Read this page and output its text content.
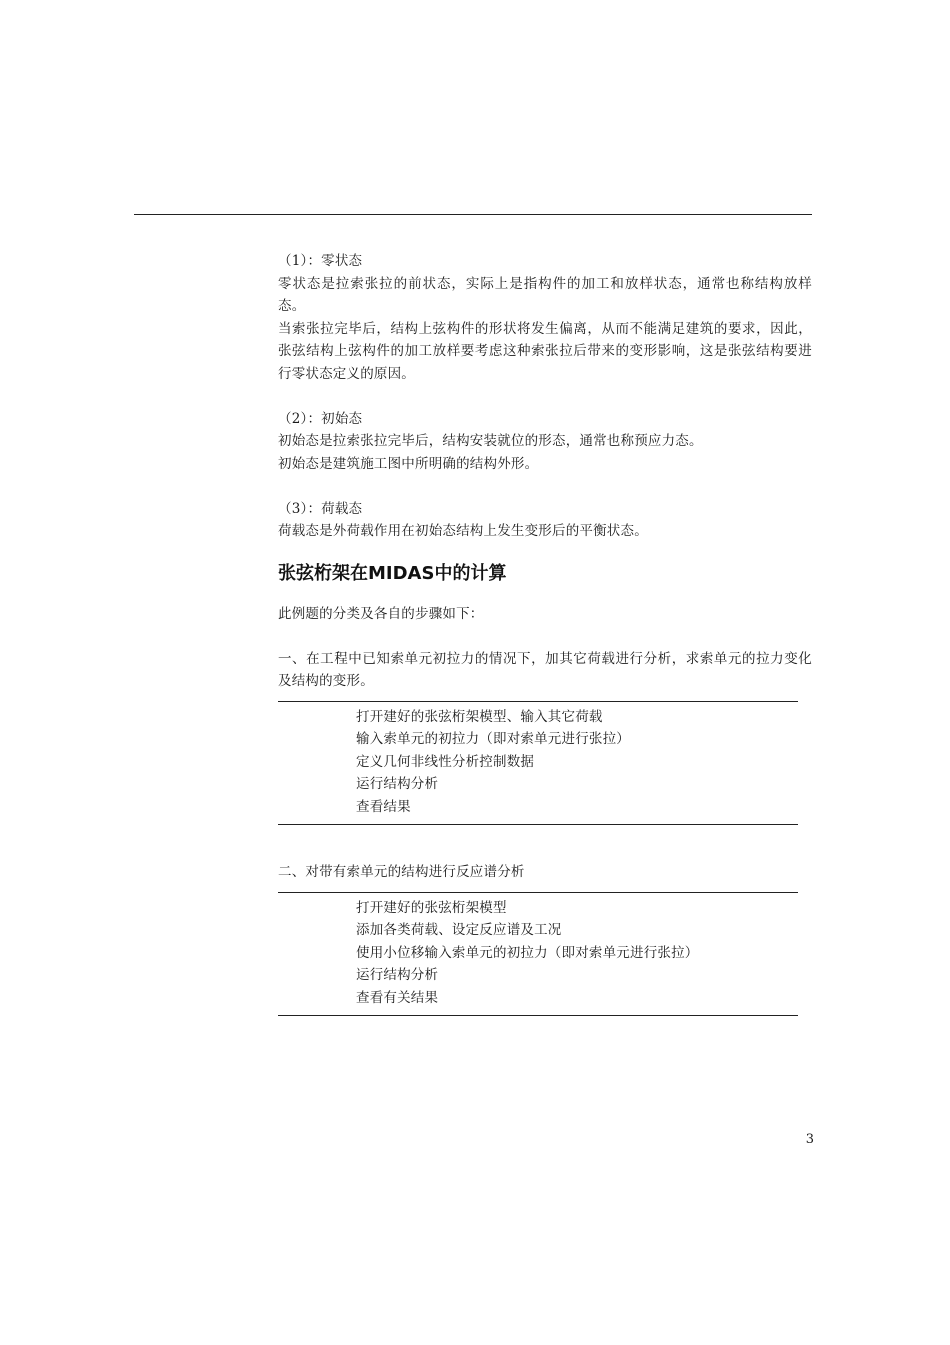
（1）：零状态

零状态是拉索张拉的前状态，实际上是指构件的加工和放样状态，通常也称结构放样态。

当索张拉完毕后，结构上弦构件的形状将发生偏离，从而不能满足建筑的要求，因此，张弦结构上弦构件的加工放样要考虑这种索张拉后带来的变形影响，这是张弦结构要进行零状态定义的原因。

（2）：初始态

初始态是拉索张拉完毕后，结构安装就位的形态，通常也称预应力态。

初始态是建筑施工图中所明确的结构外形。

（3）：荷载态

荷载态是外荷载作用在初始态结构上发生变形后的平衡状态。

张弦桁架在MIDAS中的计算

此例题的分类及各自的步骤如下：

一、在工程中已知索单元初拉力的情况下，加其它荷载进行分析，求索单元的拉力变化及结构的变形。

打开建好的张弦桁架模型、输入其它荷载
输入索单元的初拉力（即对索单元进行张拉）
定义几何非线性分析控制数据
运行结构分析
查看结果

二、对带有索单元的结构进行反应谱分析

打开建好的张弦桁架模型
添加各类荷载、设定反应谱及工况
使用小位移输入索单元的初拉力（即对索单元进行张拉）
运行结构分析
查看有关结果
3
